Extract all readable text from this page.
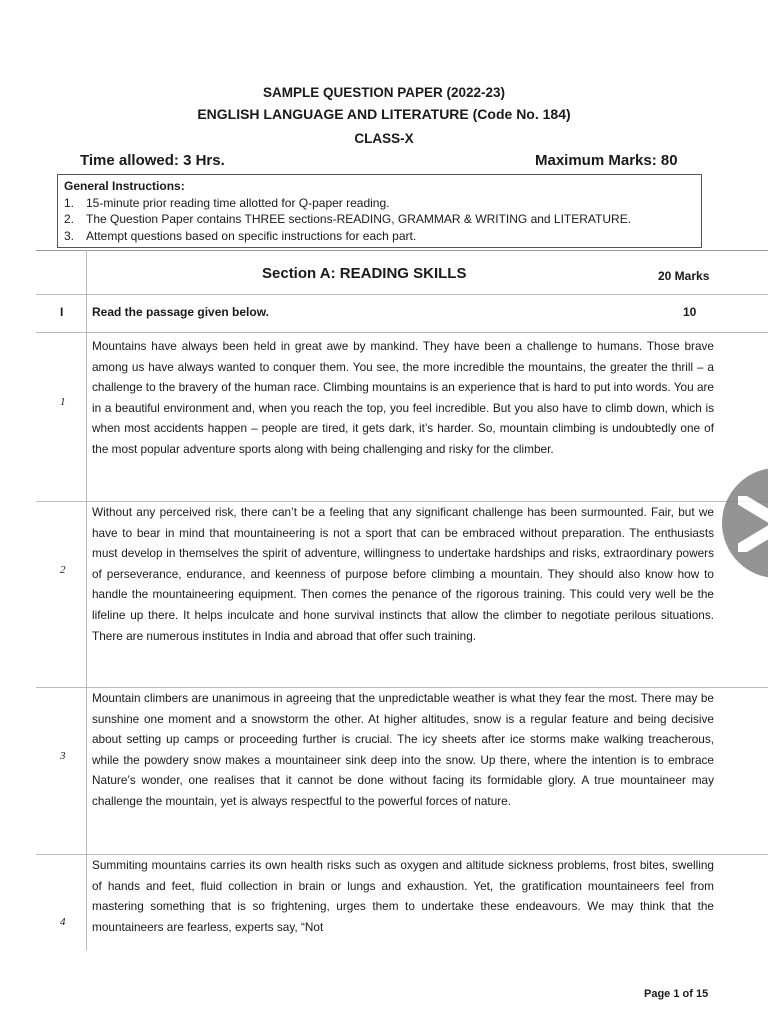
SAMPLE QUESTION PAPER (2022-23)
ENGLISH LANGUAGE AND LITERATURE (Code No. 184)
CLASS-X
Time allowed: 3 Hrs.	Maximum Marks: 80
General Instructions:
1. 15-minute prior reading time allotted for Q-paper reading.
2. The Question Paper contains THREE sections-READING, GRAMMAR & WRITING and LITERATURE.
3. Attempt questions based on specific instructions for each part.
Section A: READING SKILLS	20 Marks
I Read the passage given below.	10
1
Mountains have always been held in great awe by mankind. They have been a challenge to humans. Those brave among us have always wanted to conquer them. You see, the more incredible the mountains, the greater the thrill – a challenge to the bravery of the human race. Climbing mountains is an experience that is hard to put into words. You are in a beautiful environment and, when you reach the top, you feel incredible. But you also have to climb down, which is when most accidents happen – people are tired, it gets dark, it’s harder. So, mountain climbing is undoubtedly one of the most popular adventure sports along with being challenging and risky for the climber.
2
Without any perceived risk, there can’t be a feeling that any significant challenge has been surmounted. Fair, but we have to bear in mind that mountaineering is not a sport that can be embraced without preparation. The enthusiasts must develop in themselves the spirit of adventure, willingness to undertake hardships and risks, extraordinary powers of perseverance, endurance, and keenness of purpose before climbing a mountain. They should also know how to handle the mountaineering equipment. Then comes the penance of the rigorous training. This could very well be the lifeline up there. It helps inculcate and hone survival instincts that allow the climber to negotiate perilous situations. There are numerous institutes in India and abroad that offer such training.
3
Mountain climbers are unanimous in agreeing that the unpredictable weather is what they fear the most. There may be sunshine one moment and a snowstorm the other. At higher altitudes, snow is a regular feature and being decisive about setting up camps or proceeding further is crucial. The icy sheets after ice storms make walking treacherous, while the powdery snow makes a mountaineer sink deep into the snow. Up there, where the intention is to embrace Nature’s wonder, one realises that it cannot be done without facing its formidable glory. A true mountaineer may challenge the mountain, yet is always respectful to the powerful forces of nature.
4
Summiting mountains carries its own health risks such as oxygen and altitude sickness problems, frost bites, swelling of hands and feet, fluid collection in brain or lungs and exhaustion. Yet, the gratification mountaineers feel from mastering something that is so frightening, urges them to undertake these endeavours. We may think that the mountaineers are fearless, experts say, “Not
Page 1 of 15
